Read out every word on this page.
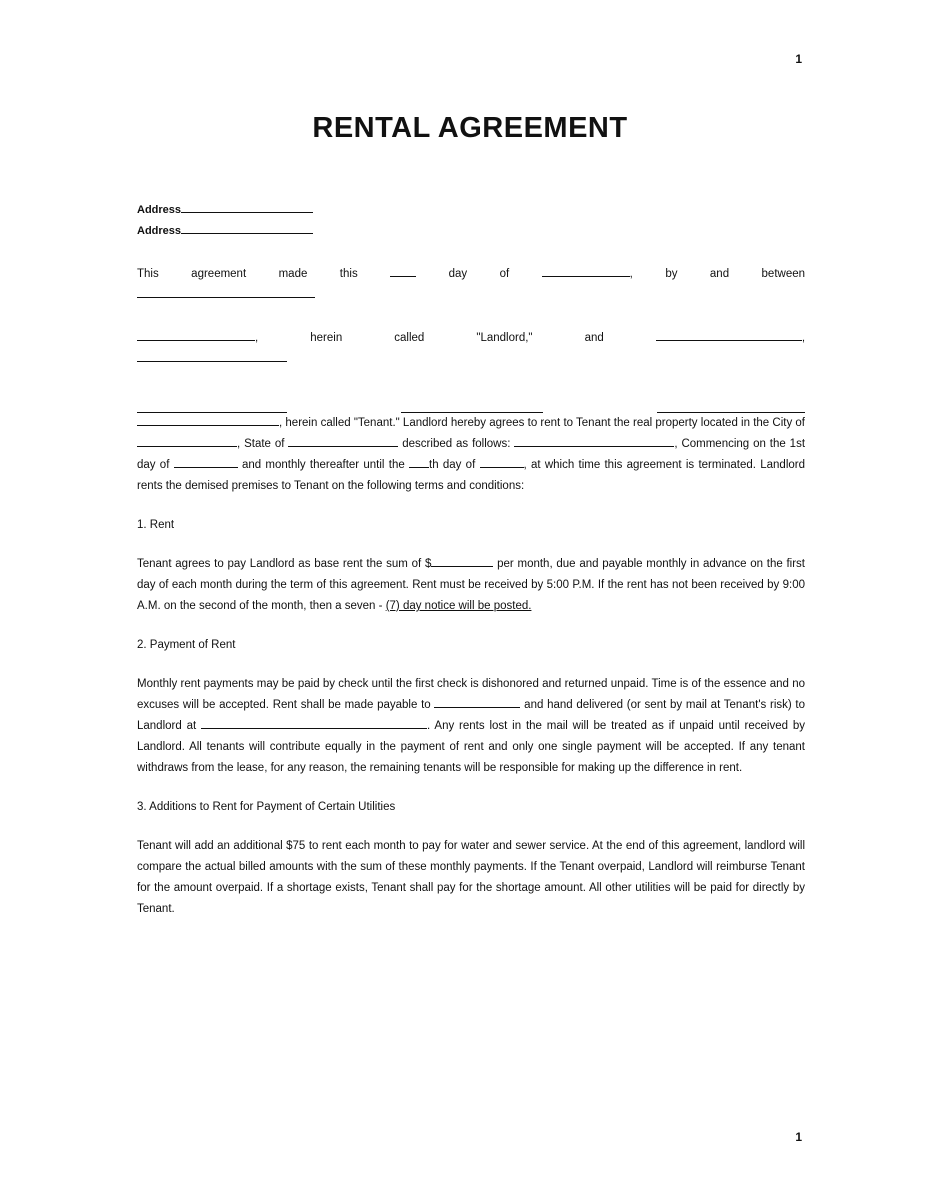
1
RENTAL AGREEMENT
Address
Address

This agreement made this	day of	, by and between

, herein called	"Landlord,"	and	,

, herein called "Tenant." Landlord hereby agrees to rent to Tenant the real property located in the City of , State of	described as follows:	, Commencing on the 1st day of	and monthly thereafter until the th day of	, at which time this agreement is terminated. Landlord rents the demised premises to Tenant on the following terms and conditions:

1. Rent

Tenant agrees to pay Landlord as base rent the sum of $	per month, due and payable monthly in advance on the first day of each month during the term of this agreement. Rent must be received by 5:00 P.M. If the rent has not been received by 9:00 A.M. on the second of the month, then a seven - (7) day notice will be posted.

2. Payment of Rent

Monthly rent payments may be paid by check until the first check is dishonored and returned unpaid. Time is of the essence and no excuses will be accepted. Rent shall be made payable to	and hand delivered (or sent by mail at Tenant's risk) to Landlord at	. Any rents lost in the mail will be treated as if unpaid until received by Landlord. All tenants will contribute equally in the payment of rent and only one single payment will be accepted. If any tenant withdraws from the lease, for any reason, the remaining tenants will be responsible for making up the difference in rent.

3. Additions to Rent for Payment of Certain Utilities

Tenant will add an additional $75 to rent each month to pay for water and sewer service. At the end of this agreement, landlord will compare the actual billed amounts with the sum of these monthly payments. If the Tenant overpaid, Landlord will reimburse Tenant for the amount overpaid. If a shortage exists, Tenant shall pay for the shortage amount. All other utilities will be paid for directly by Tenant.

1
